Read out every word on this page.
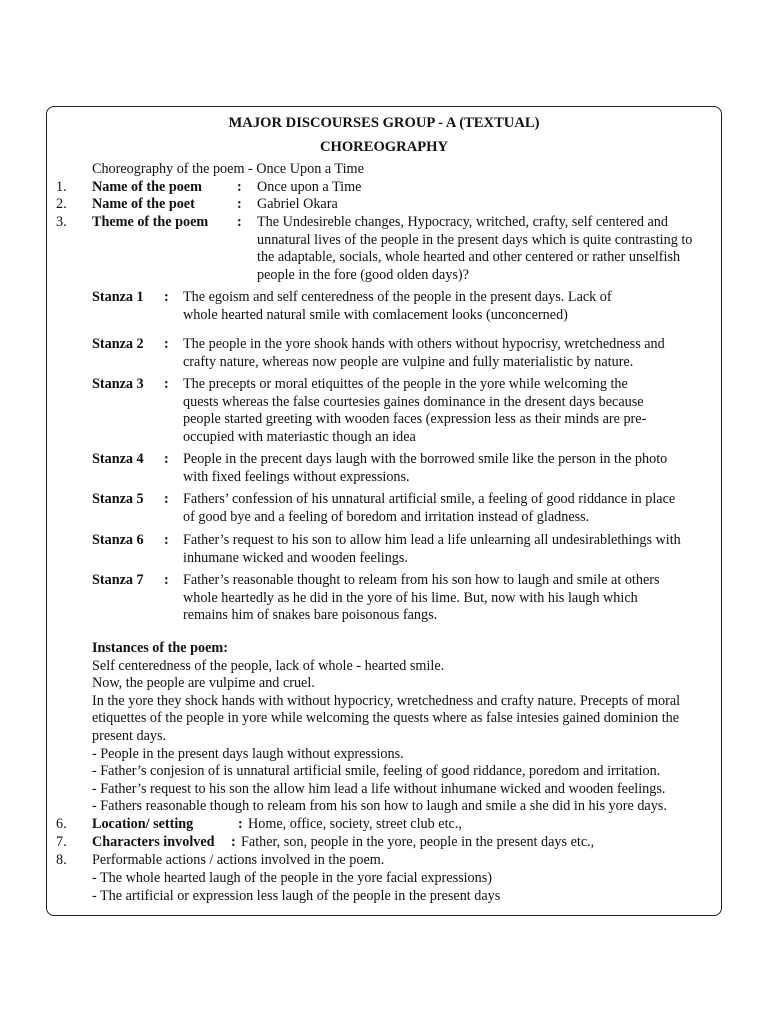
MAJOR DISCOURSES GROUP - A (TEXTUAL)
CHOREOGRAPHY
Choreography of the poem - Once Upon a Time
1. Name of the poem : Once upon a Time
2. Name of the poet	: Gabriel Okara
3. Theme of the poem : The Undesireble changes, Hypocracy, writched, crafty, self centered and
unnatural lives of the people in the present days which is quite contrasting to
the adaptable, socials, whole hearted and other centered or rather unselfish
people in the fore (good olden days)?
Stanza 1 : The egoism and self centeredness of the people in the present days. Lack of
whole hearted natural smile with comlacement looks (unconcerned)
Stanza 2 : The people in the yore shook hands with others without hypocrisy, wretchedness and
crafty nature, whereas now people are vulpine and fully materialistic by nature.
Stanza 3 : The precepts or moral etiquittes of the people in the yore while welcoming the
quests whereas the false courtesies gaines dominance in the dresent days because
people started greeting with wooden faces (expression less as their minds are pre-
occupied with materiastic though an idea
Stanza 4 : People in the precent days laugh with the borrowed smile like the person in the photo
with fixed feelings without expressions.
Stanza 5 : Fathers’ confession of his unnatural artificial smile, a feeling of good riddance in place
of good bye and a feeling of boredom and irritation instead of gladness.
Stanza 6 : Father’s request to his son to allow him lead a life unlearning all undesirablethings with
inhumane wicked and wooden feelings.
Stanza 7 : Father’s reasonable thought to releam from his son how to laugh and smile at others
whole heartedly as he did in the yore of his lime. But, now with his laugh which
remains him of snakes bare poisonous fangs.
Instances of the poem:
Self centeredness of the people, lack of whole - hearted smile.
Now, the people are vulpime and cruel.
In the yore they shock hands with without hypocricy, wretchedness and crafty nature. Precepts of moral
etiquettes of the people in yore while welcoming the quests where as false intesies gained dominion the
present days.
- People in the present days laugh without expressions.
- Father’s conjesion of is unnatural artificial smile, feeling of good riddance, poredom and irritation.
- Father’s request to his son the allow him lead a life without inhumane wicked and wooden feelings.
- Fathers reasonable though to releam from his son how to laugh and smile a she did in his yore days.
6. Location/ setting	: Home, office, society, street club etc.,
7. Characters involved : Father, son, people in the yore, people in the present days etc.,
8. Performable actions / actions involved in the poem.
- The whole hearted laugh of the people in the yore facial expressions)
- The artificial or expression less laugh of the people in the present days
